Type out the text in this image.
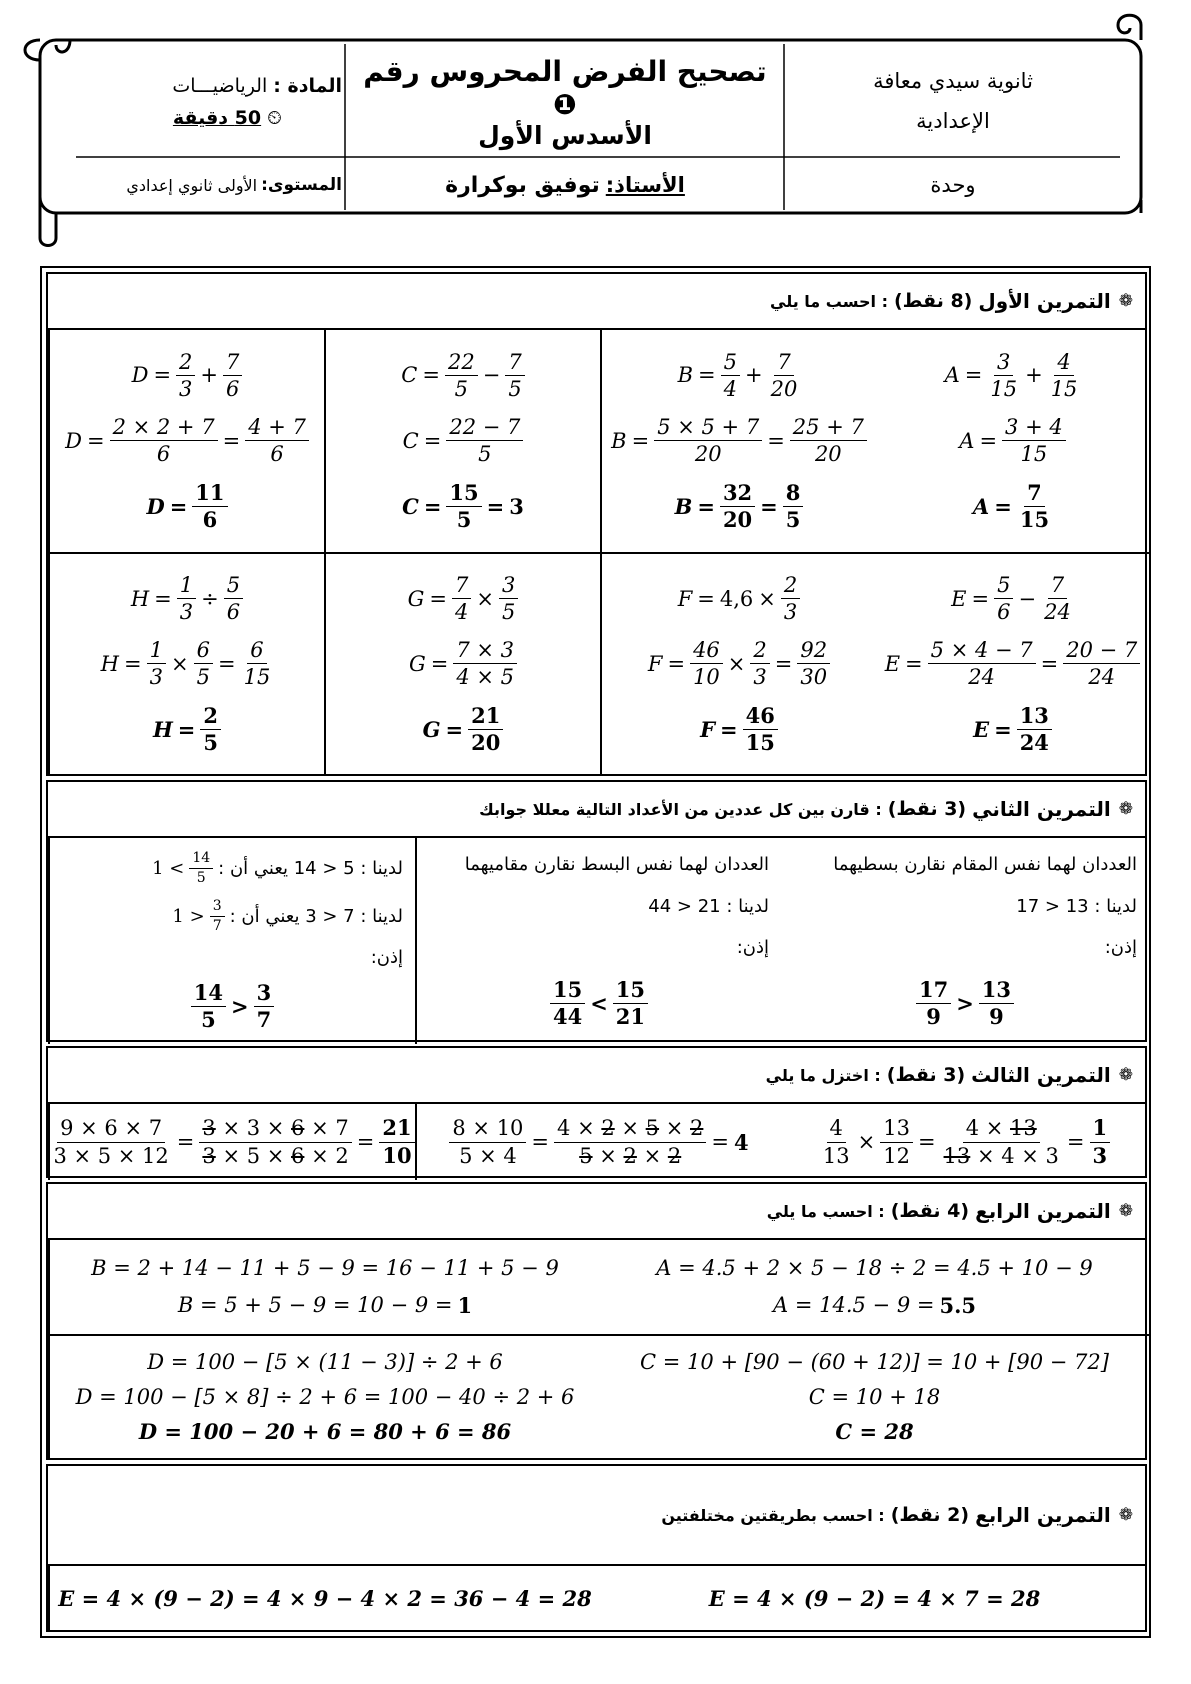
ثانوية سيدي معافة الإعدادية
تصحيح الفرض المحروس رقم ❶
الأسدس الأول
المادة : الرياضيـــات
⏲ 50 دقيقة
وحدة
الأستاذ:
توفيق بوكرارة
المستوى:
الأولى ثانوي إعدادي
❁
التمرين الأول
(8 نقط)
: احسب ما يلي
$D = \frac{2}{3} + \frac{7}{6}$
$D = \frac{2 \times 2 + 7}{6} = \frac{4 + 7}{6}$
$D = \frac{11}{6}$
$C = \frac{22}{5} - \frac{7}{5}$
$C = \frac{22 - 7}{5}$
$C = \frac{15}{5} = 3$
$B = \frac{5}{4} + \frac{7}{20}$
$B = \frac{5 \times 5 + 7}{20} = \frac{25 + 7}{20}$
$B = \frac{32}{20} = \frac{8}{5}$
$A = \frac{3}{15} + \frac{4}{15}$
$A = \frac{3 + 4}{15}$
$A = \frac{7}{15}$
$H = \frac{1}{3} \div \frac{5}{6}$
$H = \frac{1}{3} \times \frac{6}{5} = \frac{6}{15}$
$H = \frac{2}{5}$
$G = \frac{7}{4} \times \frac{3}{5}$
$G = \frac{7 \times 3}{4 \times 5}$
$G = \frac{21}{20}$
$F = 4,6 \times \frac{2}{3}$
$F = \frac{46}{10} \times \frac{2}{3} = \frac{92}{30}$
$F = \frac{46}{15}$
$E = \frac{5}{6} - \frac{7}{24}$
$E = \frac{5 \times 4 - 7}{24} = \frac{20 - 7}{24}$
$E = \frac{13}{24}$
❁
التمرين الثاني
(3 نقط)
: قارن بين كل عددين من الأعداد التالية معللا جوابك
1 < 14
5 لدينا : 5 < 14 يعني أن :
1 > 3
7 لدينا : 7 < 3 يعني أن :
إذن:
14
5
>
3
7
العددان لهما نفس البسط نقارن مقاميهما
لدينا : 21 < 44
إذن:
15
44
<
15
21
العددان لهما نفس المقام نقارن بسطيهما
لدينا : 13 < 17
إذن:
17
9
>
13
9
❁
التمرين الثالث
(3 نقط)
: اختزل ما يلي
$\frac{9 \times 6 \times 7}{3 \times 5 \times 12} = \frac{3 \times 3 \times 6 \times 7}{3 \times 5 \times 6 \times 2} = \frac{21}{10} \frac{8 \times 10}{5 \times 4} = \frac{4 \times 2 \times 5 \times 2}{5 \times 2 \times 2} = 4$	$\frac{4}{13} \times \frac{13}{12} = \frac{4 \times 13}{13 \times 4 \times 3} = \frac{1}{3}$
❁
التمرين الرابع
(4 نقط)
: احسب ما يلي
B = 2 + 14 − 11 + 5 − 9 = 16 − 11 + 5 − 9
B = 5 + 5 − 9 = 10 − 9 = 1
A = 4.5 + 2 × 5 − 18 ÷ 2 = 4.5 + 10 − 9
A = 14.5 − 9 = 5.5
D = 100 − [5 × (11 − 3)] ÷ 2 + 6
D = 100 − [5 × 8] ÷ 2 + 6 = 100 − 40 ÷ 2 + 6
D = 100 − 20 + 6 = 80 + 6 = 86
C = 10 + [90 − (60 + 12)] = 10 + [90 − 72]
C = 10 + 18
C = 28
❁
التمرين الرابع
(2 نقط)
: احسب بطريقتين مختلفتين
E = 4 × (9 − 2) = 4 × 9 − 4 × 2 = 36 − 4 = 28	E = 4 × (9 − 2) = 4 × 7 = 28
